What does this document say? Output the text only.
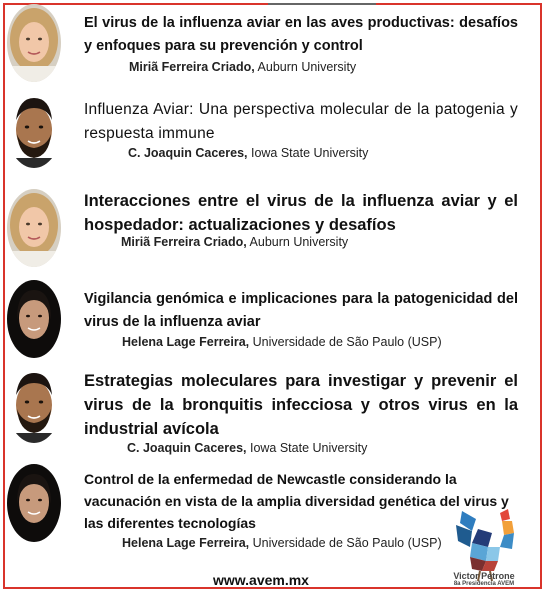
El virus de la influenza aviar en las aves productivas: desafíos y enfoques para su prevención y control
Miriã Ferreira Criado, Auburn University
Influenza Aviar: Una perspectiva molecular de la patogenia y respuesta immune
C. Joaquin Caceres, Iowa State University
Interacciones entre el virus de la influenza aviar y el hospedador: actualizaciones y desafíos
Miriã Ferreira Criado, Auburn University
Vigilancia genómica e implicaciones para la patogenicidad del virus de la influenza aviar
Helena Lage Ferreira, Universidade de São Paulo (USP)
Estrategias moleculares para investigar y prevenir el virus de la bronquitis infecciosa y otros virus en la industrial avícola
C. Joaquin Caceres, Iowa State University
Control de la enfermedad de Newcastle considerando la vacunación en vista de la amplia diversidad genética del virus y las diferentes tecnologías
Helena Lage Ferreira, Universidade de São Paulo (USP)
Victor Petrone
8a Presidencia AVEM
www.avem.mx
